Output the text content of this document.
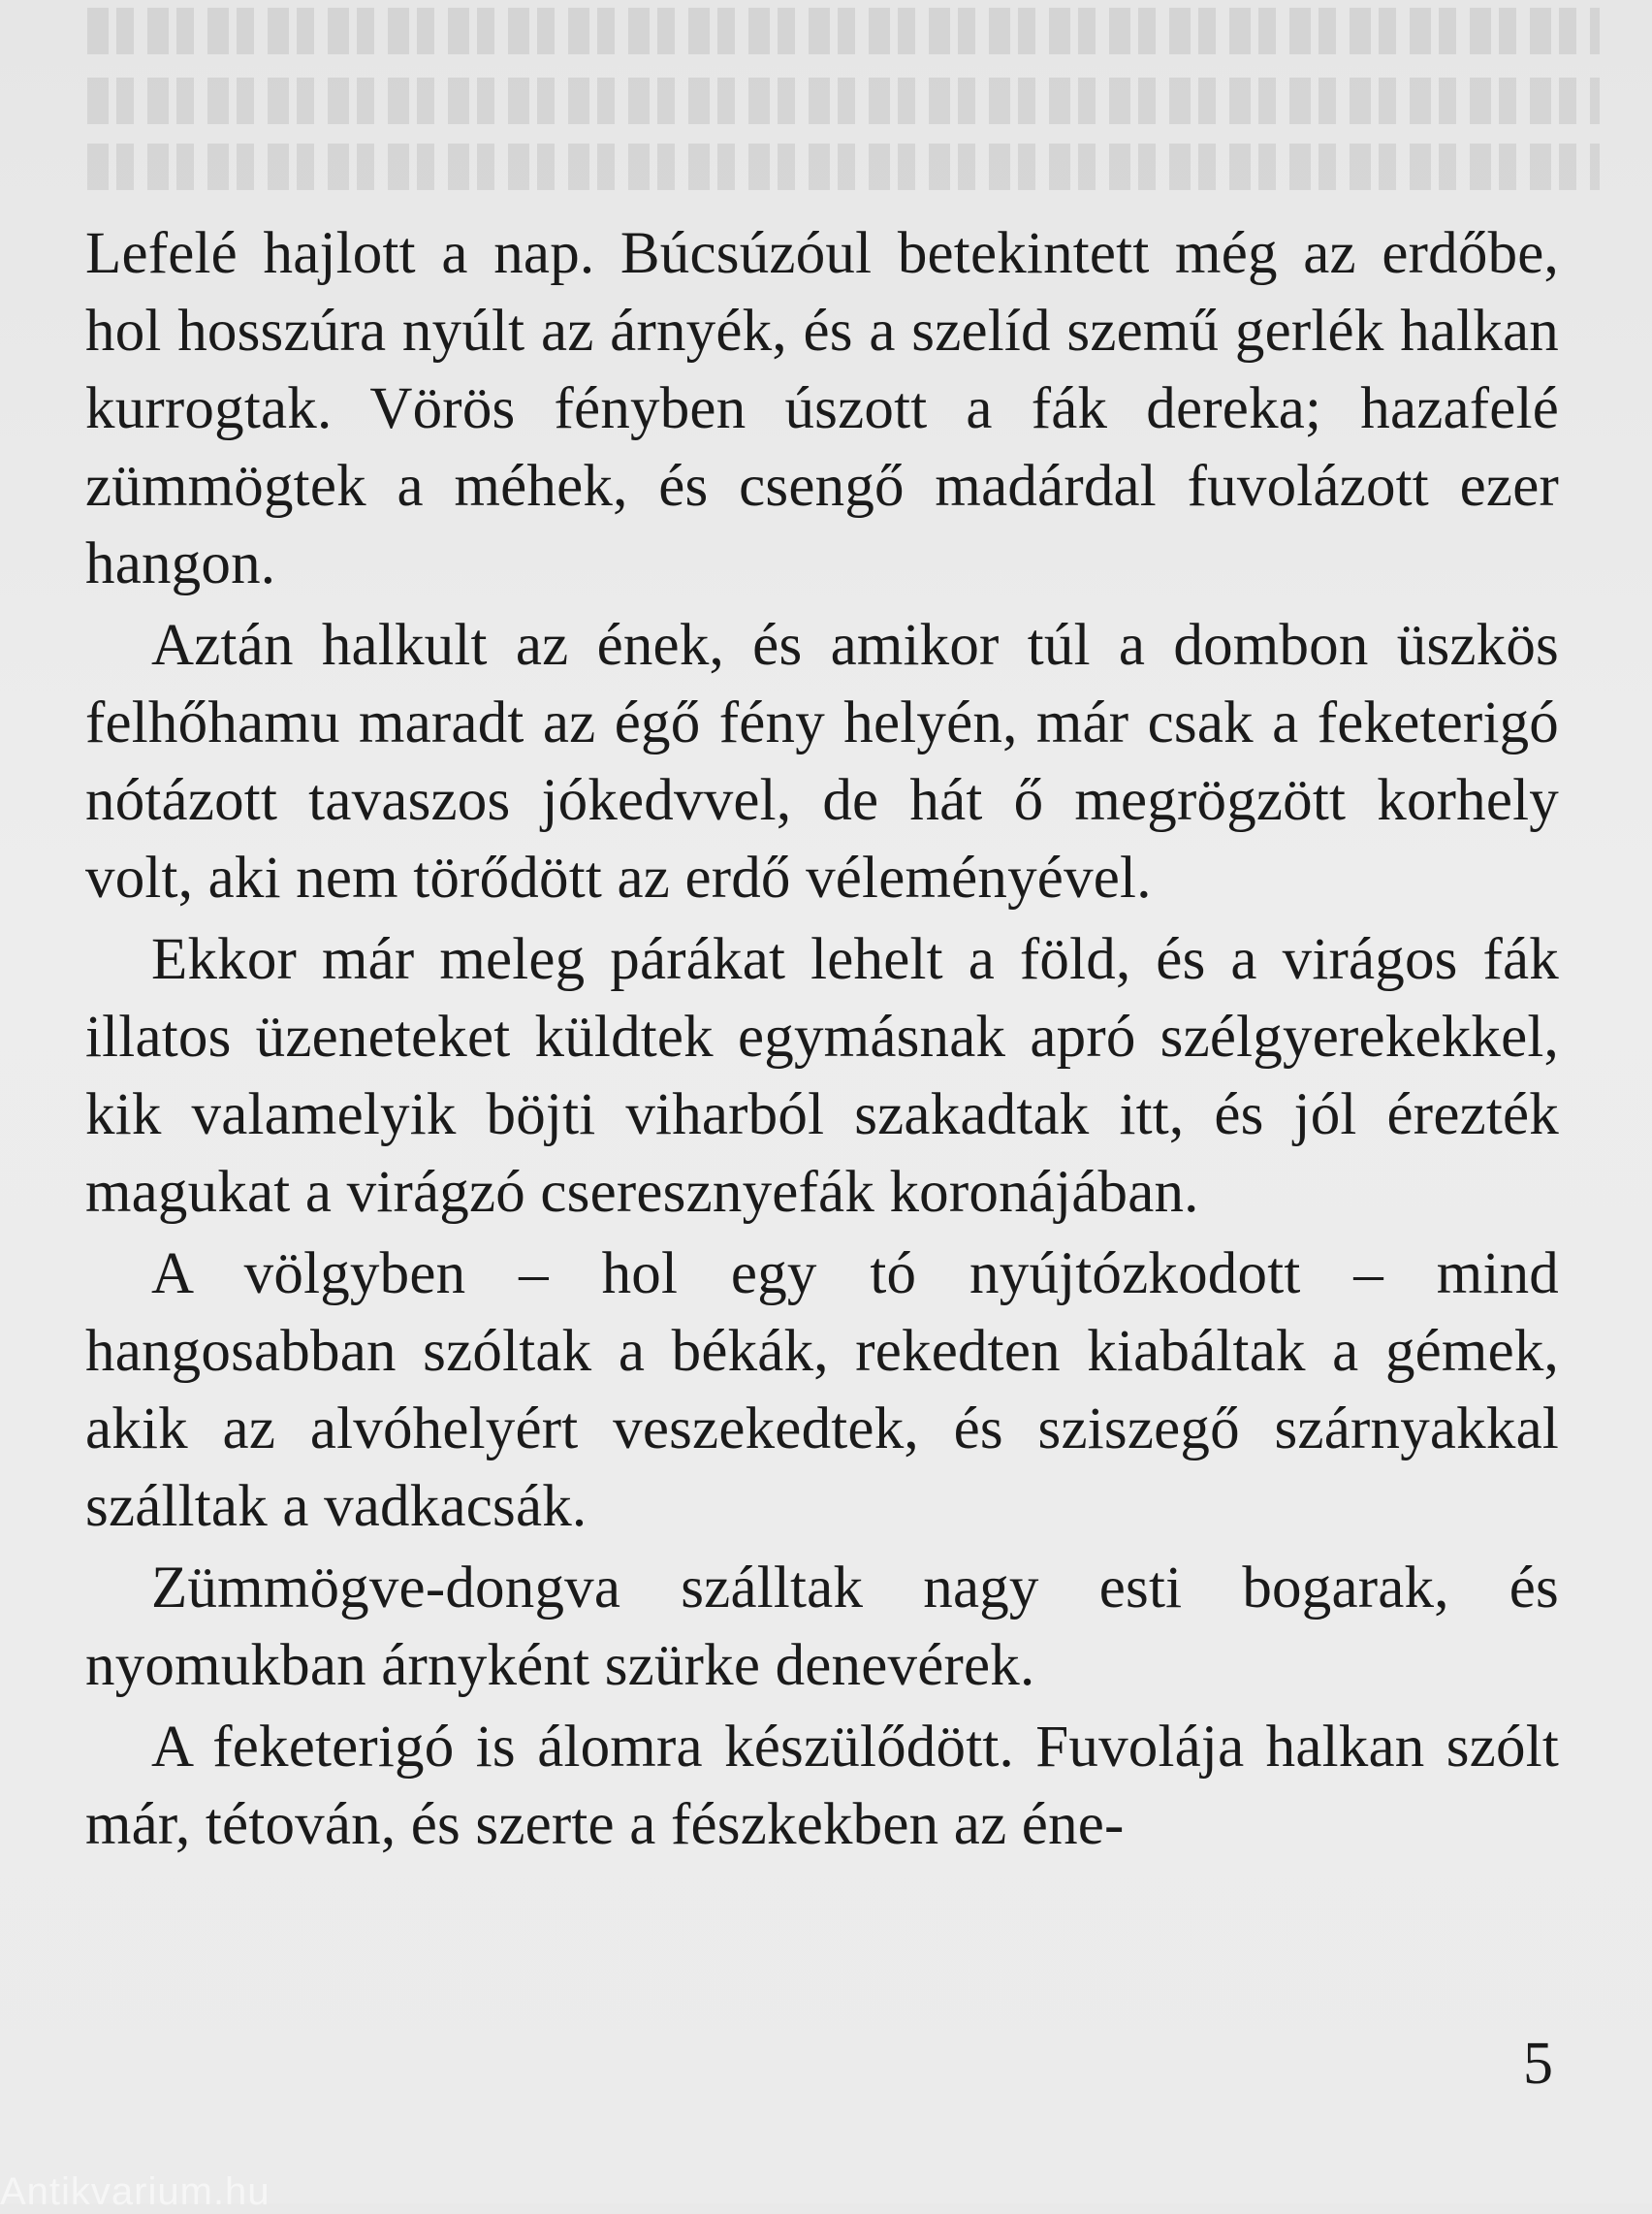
Lefelé hajlott a nap. Búcsúzóul betekintett még az erdőbe, hol hosszúra nyúlt az árnyék, és a szelíd szemű gerlék halkan kurrogtak. Vörös fényben úszott a fák dereka; hazafelé zümmögtek a méhek, és csengő madárdal fuvolázott ezer hangon.

Aztán halkult az ének, és amikor túl a dombon üszkös felhőhamu maradt az égő fény helyén, már csak a feketerigó nótázott tavaszos jókedvvel, de hát ő megrögzött korhely volt, aki nem törődött az erdő véleményével.

Ekkor már meleg párákat lehelt a föld, és a virágos fák illatos üzeneteket küldtek egymásnak apró szélgyerekekkel, kik valamelyik böjti viharból szakadtak itt, és jól érezték magukat a virágzó cseresznyefák koronájában.

A völgyben – hol egy tó nyújtózkodott – mind hangosabban szóltak a békák, rekedten kiabáltak a gémek, akik az alvóhelyért veszekedtek, és sziszegő szárnyakkal szálltak a vadkacsák.

Zümmögve-dongva szálltak nagy esti bogarak, és nyomukban árnyként szürke denevérek.

A feketerigó is álomra készülődött. Fuvolája halkan szólt már, tétován, és szerte a fészkekben az éne-

5
Antikvarium.hu
